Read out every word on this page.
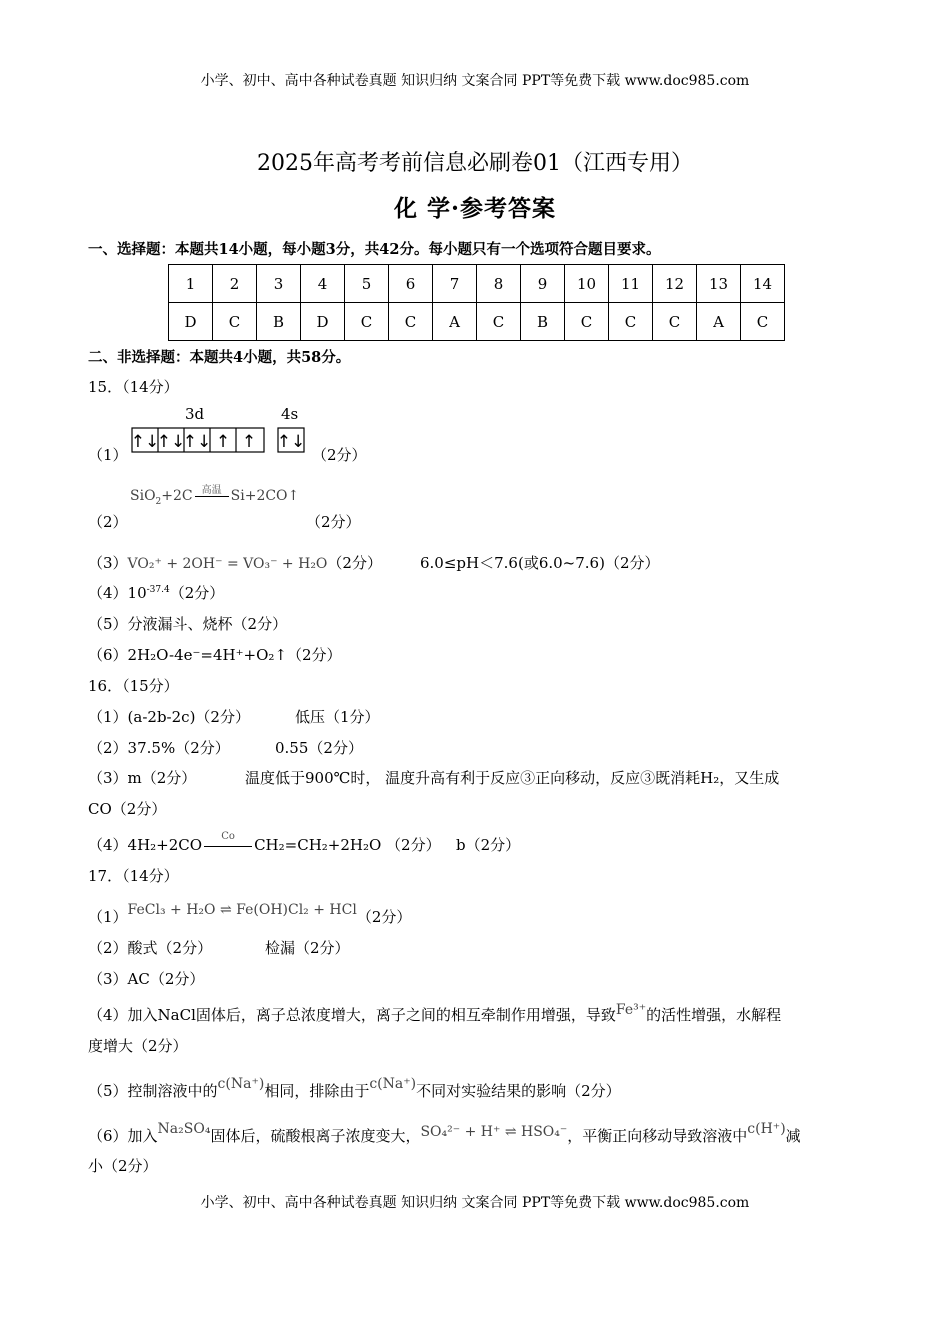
小学、初中、高中各种试卷真题 知识归纳 文案合同 PPT等免费下载 www.doc985.com
2025年高考考前信息必刷卷01（江西专用）
化 学·参考答案
一、选择题：本题共14小题，每小题3分，共42分。每小题只有一个选项符合题目要求。
1	2	3	4	5	6	7	8	9	10	11	12	13	14
D	C	B	D	C	C	A	C	B	C	C	C	A	C
二、非选择题：本题共4小题，共58分。
15．（14分）
3d	4s
（1）
↑↓
↑↓
↑↓ ↑ ↑ ↑↓
（2分）
SiO$_2$+2C 高温 Si+2CO↑
（2）	（2分）
（3）VO₂⁺ + 2OH⁻ = VO₃⁻ + H₂O（2分）	6.0≤pH＜7.6(或6.0~7.6)（2分）
$(4)10^{-37.4}(2$分）
（5）分液漏斗、烧杯（2分）
（6）2H₂O-4e⁻=4H⁺+O₂↑（2分）
16．（15分）
（1）(a-2b-2c)（2分）	低压（1分）
（2）37.5%（2分）	0.55（2分）
（3）m（2分）	温度低于900℃时， 温度升高有利于反应③正向移动，反应③既消耗H₂，又生成
CO（2分）
（4）4H₂+2CO	Co	CH₂=CH₂+2H₂O （2分） b（2分）
17．（14分）
（1）FeCl₃ + H₂O ⇌ Fe(OH)Cl₂ + HCl（2分）
（2）酸式（2分）	检漏（2分）
（3）AC（2分）
（4）加入NaCl固体后，离子总浓度增大，离子之间的相互牵制作用增强，导致Fe³⁺的活性增强，水解程
度增大（2分）
（5）控制溶液中的c(Na⁺)相同，排除由于c(Na⁺)不同对实验结果的影响（2分）
（6）加入Na₂SO₄固体后，硫酸根离子浓度变大，SO₄²⁻ + H⁺ ⇌ HSO₄⁻，平衡正向移动导致溶液中c(H⁺)减
小（2分）
小学、初中、高中各种试卷真题 知识归纳 文案合同 PPT等免费下载 www.doc985.com
